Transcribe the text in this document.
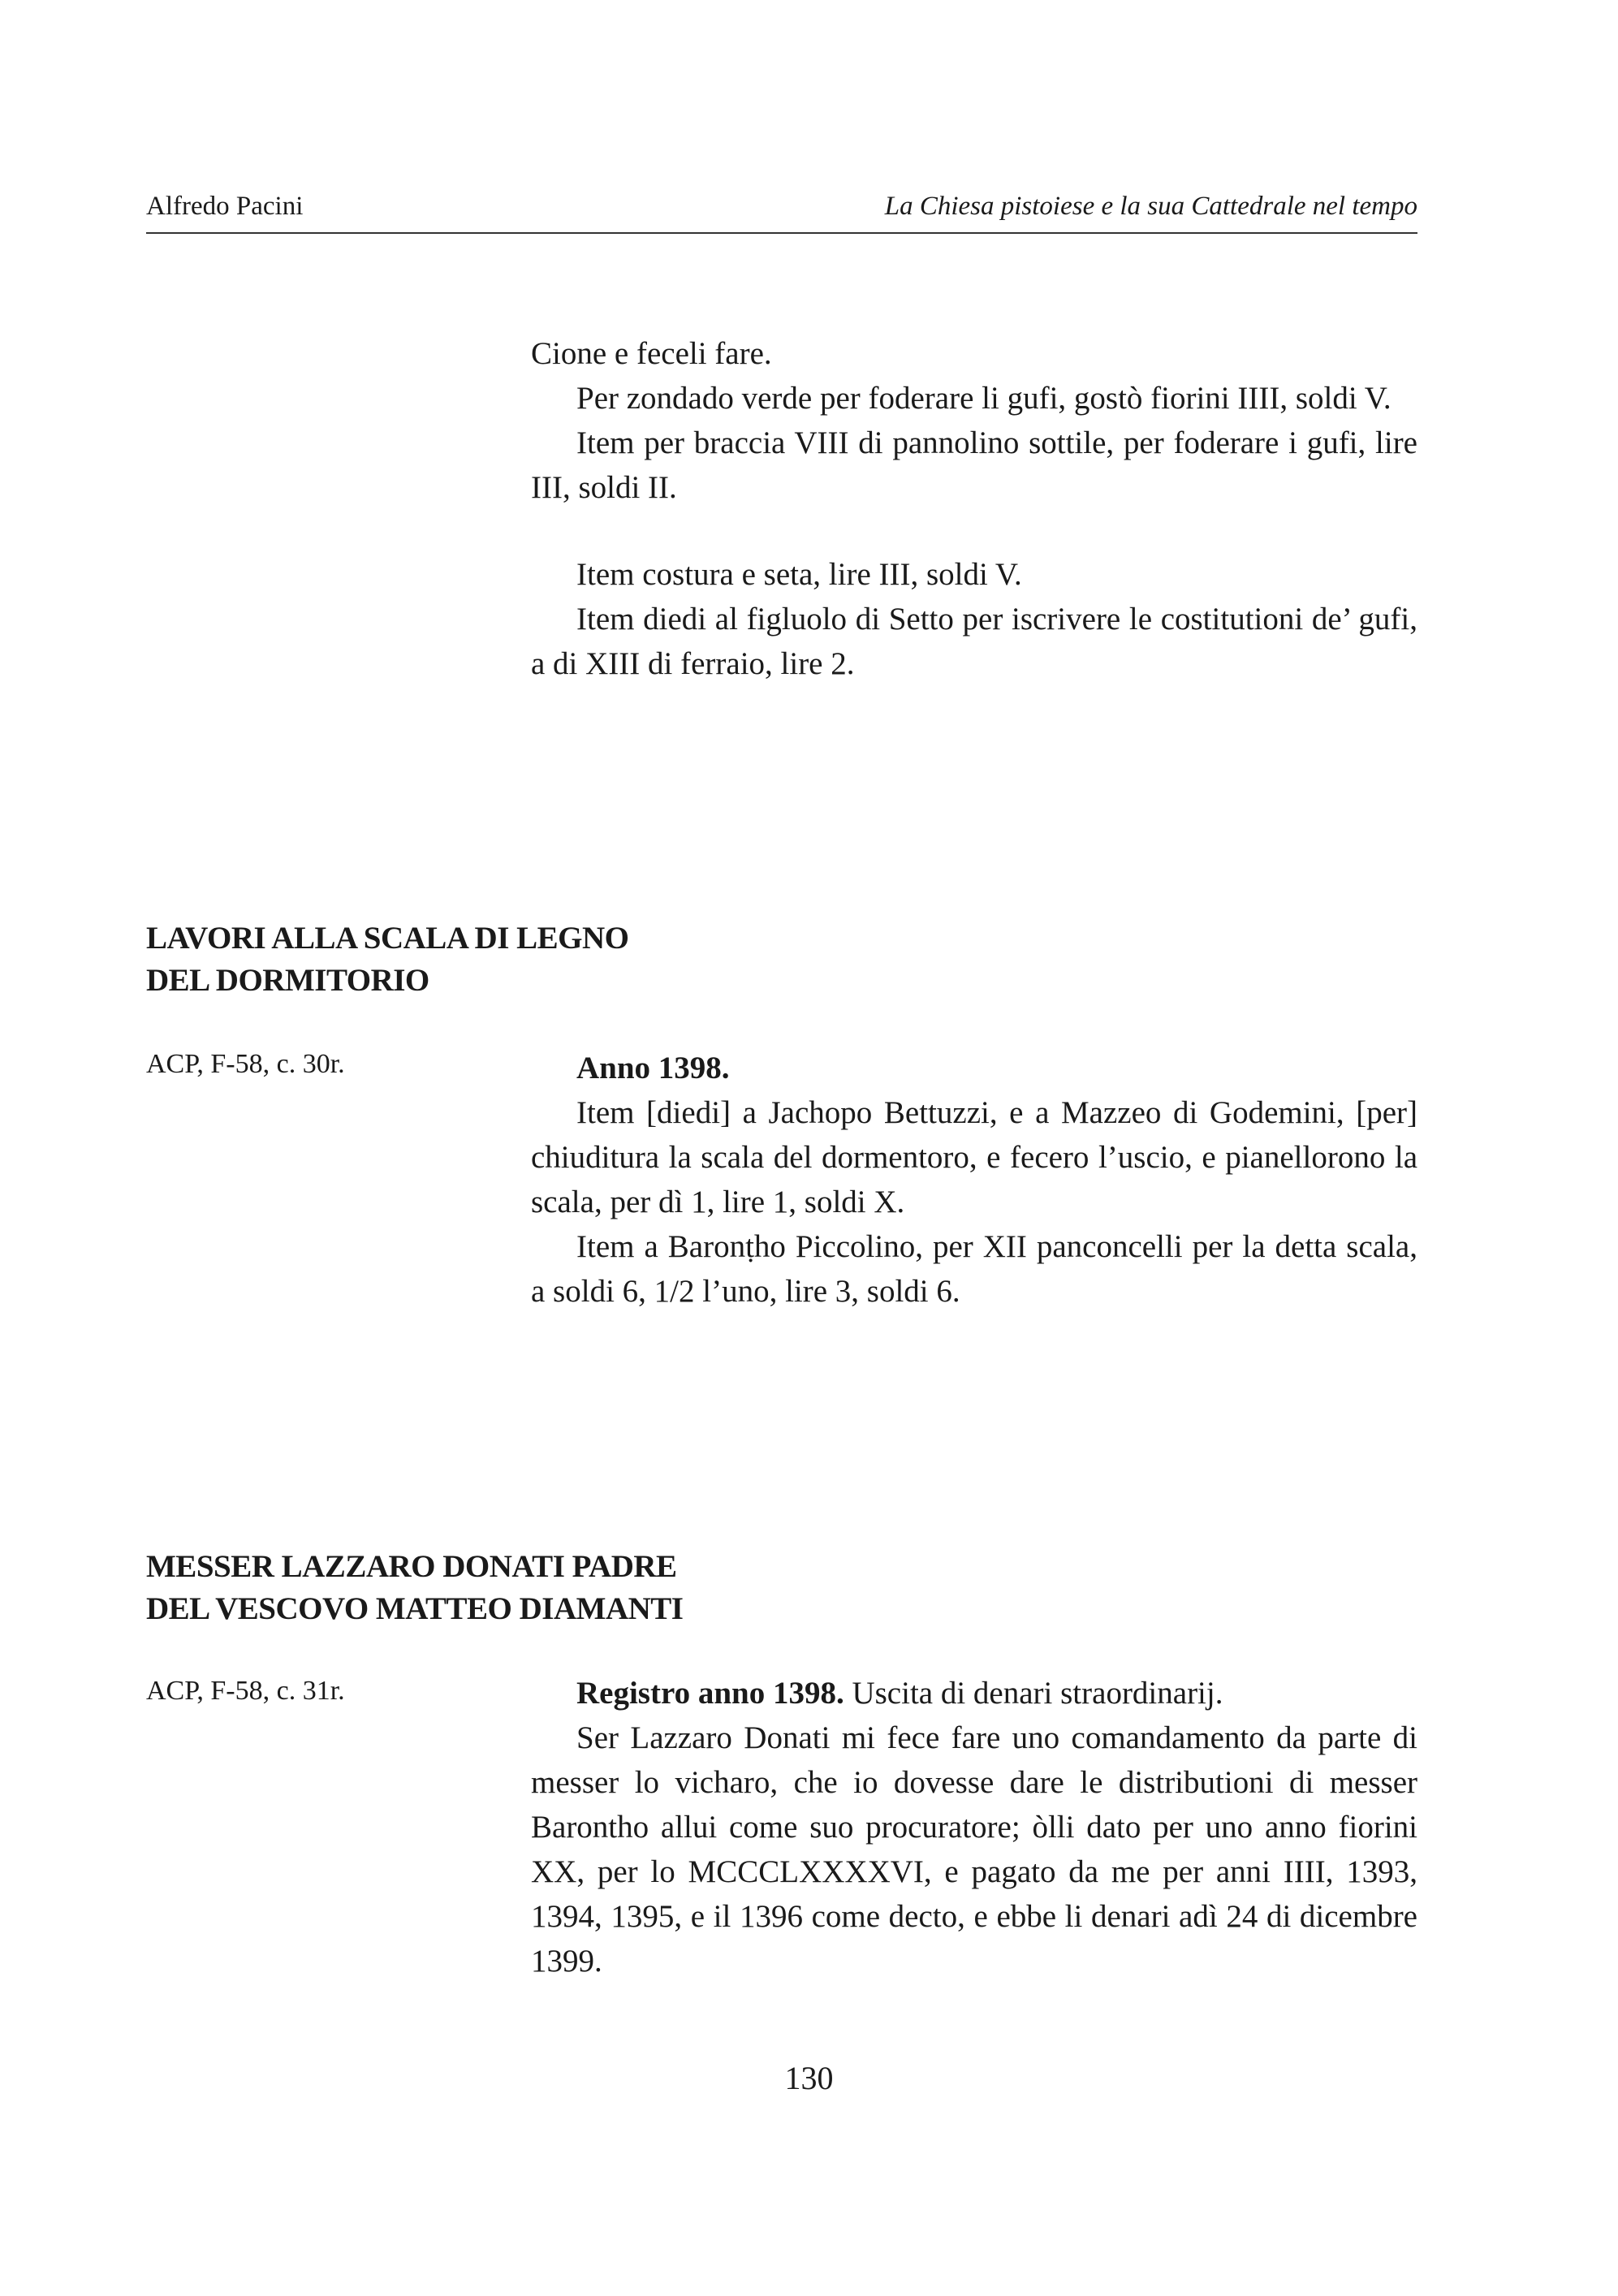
Alfredo Pacini	La Chiesa pistoiese e la sua Cattedrale nel tempo

Cione e feceli fare.

Per zondado verde per foderare li gufi, gostò fiorini IIII, soldi V.

Item per braccia VIII di pannolino sottile, per foderare i gufi, lire III, soldi II.

Item costura e seta, lire III, soldi V.

Item diedi al figluolo di Setto per iscrivere le costitutioni de’ gufi, a di XIII di ferraio, lire 2.

LAVORI ALLA SCALA DI LEGNO
DEL DORMITORIO
ACP, F-58, c. 30r.	Anno 1398.

Item [diedi] a Jachopo Bettuzzi, e a Mazzeo di Godemini, [per] chiuditura la scala del dormentoro, e fecero l’uscio, e pianellorono la scala, per dì 1, lire 1, soldi X.

Item a Baronṭho Piccolino, per XII panconcelli per la detta scala, a soldi 6, 1/2 l’uno, lire 3, soldi 6.

MESSER LAZZARO DONATI PADRE
DEL VESCOVO MATTEO DIAMANTI
ACP, F-58, c. 31r.	Registro anno 1398. Uscita di denari straordinarij.

Ser Lazzaro Donati mi fece fare uno comandamento da parte di messer lo vicharo, che io dovesse dare le distributioni di messer Barontho allui come suo procuratore; òlli dato per uno anno fiorini XX, per lo MCCCLXXXXVI, e pagato da me per anni IIII, 1393, 1394, 1395, e il 1396 come decto, e ebbe li denari adì 24 di dicembre 1399.

130
